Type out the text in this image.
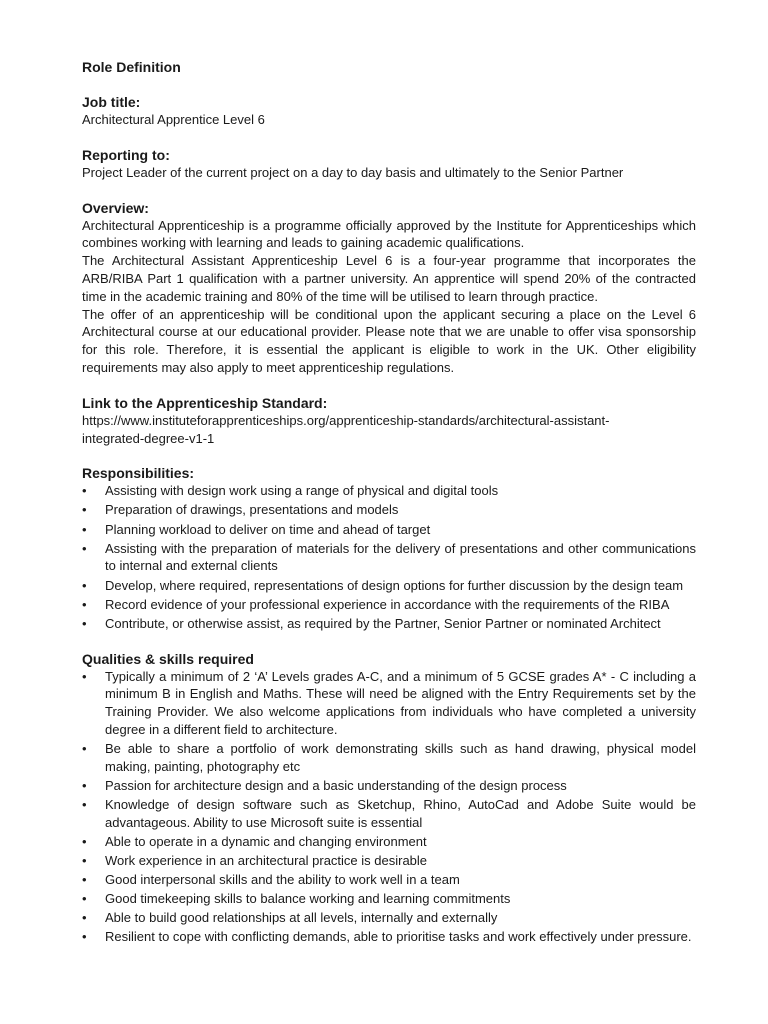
Role Definition

Job title:

Architectural Apprentice Level 6

Reporting to:

Project Leader of the current project on a day to day basis and ultimately to the Senior Partner

Overview:

Architectural Apprenticeship is a programme officially approved by the Institute for Apprenticeships which combines working with learning and leads to gaining academic qualifications.

The Architectural Assistant Apprenticeship Level 6 is a four-year programme that incorporates the ARB/RIBA Part 1 qualification with a partner university. An apprentice will spend 20% of the contracted time in the academic training and 80% of the time will be utilised to learn through practice.

The offer of an apprenticeship will be conditional upon the applicant securing a place on the Level 6 Architectural course at our educational provider. Please note that we are unable to offer visa sponsorship for this role. Therefore, it is essential the applicant is eligible to work in the UK. Other eligibility requirements may also apply to meet apprenticeship regulations.

Link to the Apprenticeship Standard:

https://www.instituteforapprenticeships.org/apprenticeship-standards/architectural-assistant-
integrated-degree-v1-1

Responsibilities:

•	Assisting with design work using a range of physical and digital tools
•	Preparation of drawings, presentations and models
•	Planning workload to deliver on time and ahead of target
•	Assisting with the preparation of materials for the delivery of presentations and other communications to internal and external clients
•	Develop, where required, representations of design options for further discussion by the design team
•	Record evidence of your professional experience in accordance with the requirements of the RIBA
•	Contribute, or otherwise assist, as required by the Partner, Senior Partner or nominated Architect

Qualities & skills required

•	Typically a minimum of 2 ‘A’ Levels grades A-C, and a minimum of 5 GCSE grades A* - C including a minimum B in English and Maths. These will need be aligned with the Entry Requirements set by the Training Provider. We also welcome applications from individuals who have completed a university degree in a different field to architecture.
•	Be able to share a portfolio of work demonstrating skills such as hand drawing, physical model making, painting, photography etc
•	Passion for architecture design and a basic understanding of the design process
•	Knowledge of design software such as Sketchup, Rhino, AutoCad and Adobe Suite would be advantageous. Ability to use Microsoft suite is essential
•	Able to operate in a dynamic and changing environment
•	Work experience in an architectural practice is desirable
•	Good interpersonal skills and the ability to work well in a team
•	Good timekeeping skills to balance working and learning commitments
•	Able to build good relationships at all levels, internally and externally
•	Resilient to cope with conflicting demands, able to prioritise tasks and work effectively under pressure.
